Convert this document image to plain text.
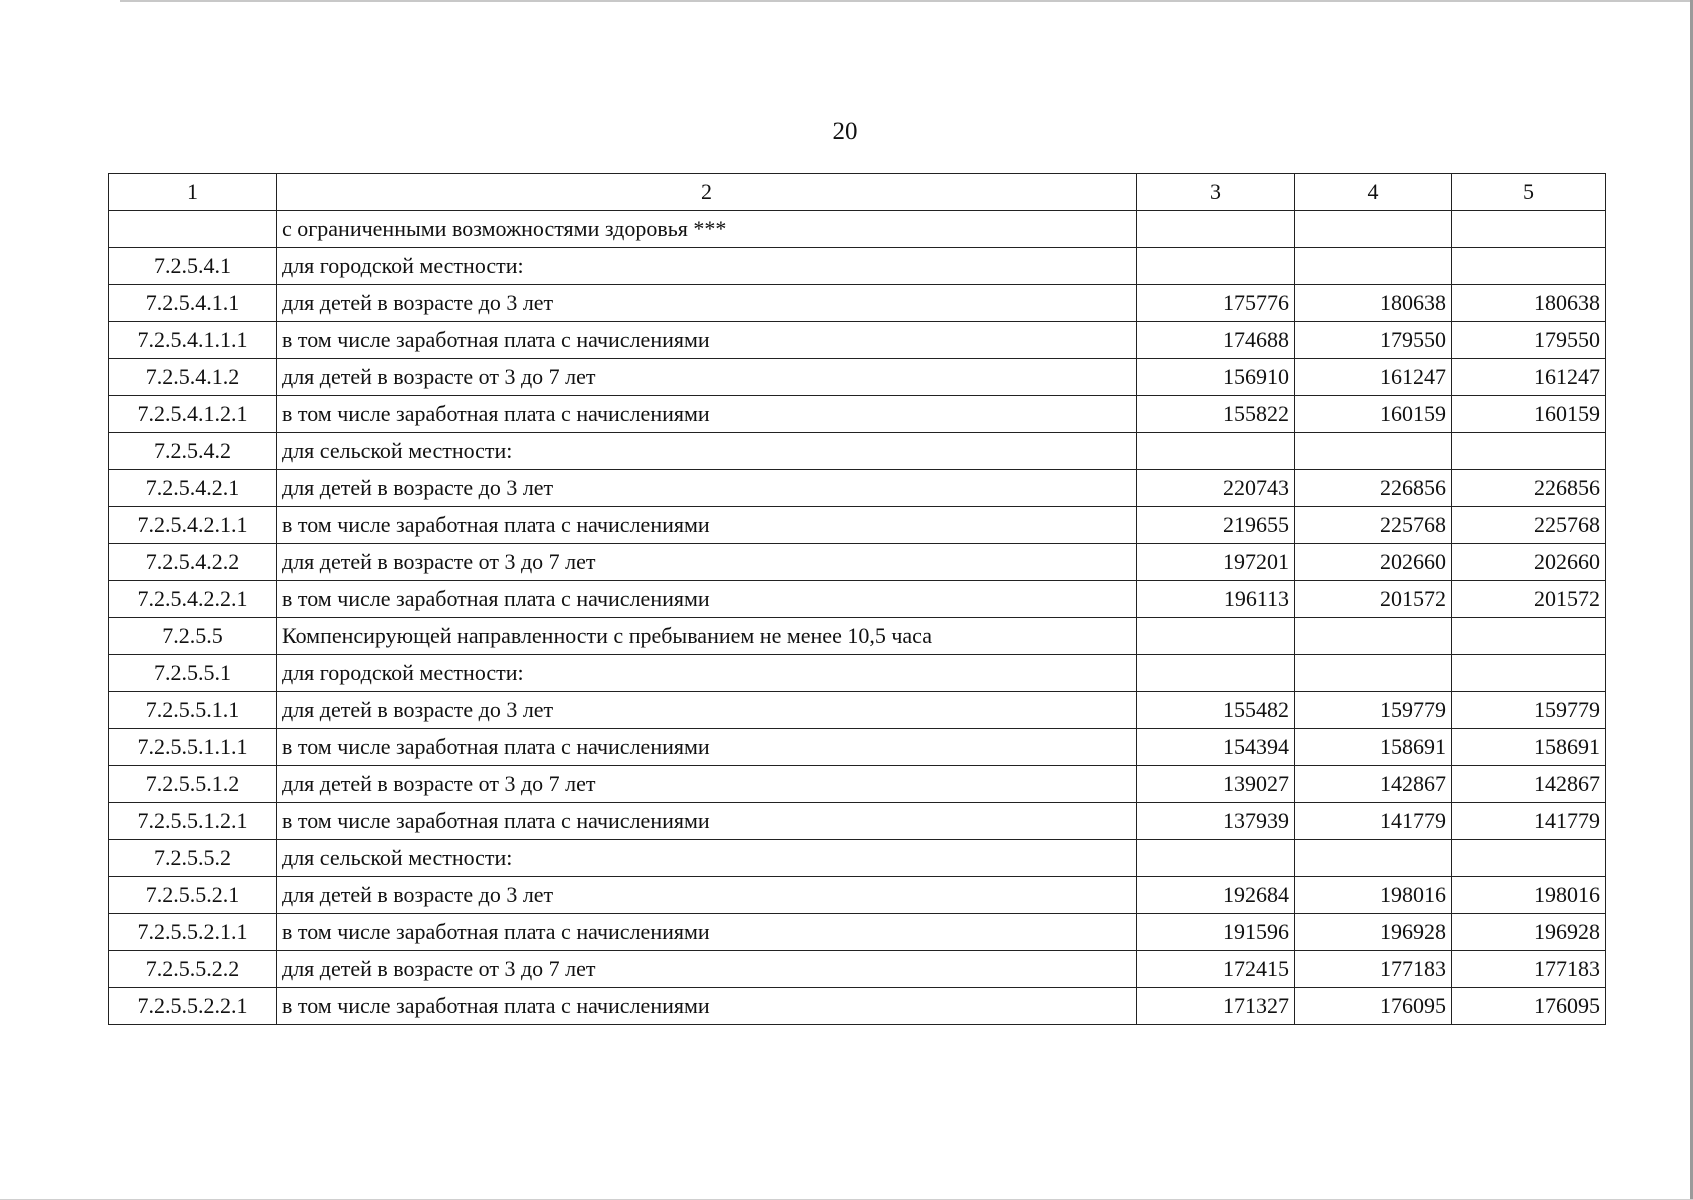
20
1	2	3	4	5
	с ограниченными возможностями здоровья ***			
7.2.5.4.1	для городской местности:			
7.2.5.4.1.1	для детей в возрасте до 3 лет	175776	180638	180638
7.2.5.4.1.1.1	в том числе заработная плата с начислениями	174688	179550	179550
7.2.5.4.1.2	для детей в возрасте от 3 до 7 лет	156910	161247	161247
7.2.5.4.1.2.1	в том числе заработная плата с начислениями	155822	160159	160159
7.2.5.4.2	для сельской местности:			
7.2.5.4.2.1	для детей в возрасте до 3 лет	220743	226856	226856
7.2.5.4.2.1.1	в том числе заработная плата с начислениями	219655	225768	225768
7.2.5.4.2.2	для детей в возрасте от 3 до 7 лет	197201	202660	202660
7.2.5.4.2.2.1	в том числе заработная плата с начислениями	196113	201572	201572
7.2.5.5	Компенсирующей направленности с пребыванием не менее 10,5 часа			
7.2.5.5.1	для городской местности:			
7.2.5.5.1.1	для детей в возрасте до 3 лет	155482	159779	159779
7.2.5.5.1.1.1	в том числе заработная плата с начислениями	154394	158691	158691
7.2.5.5.1.2	для детей в возрасте от 3 до 7 лет	139027	142867	142867
7.2.5.5.1.2.1	в том числе заработная плата с начислениями	137939	141779	141779
7.2.5.5.2	для сельской местности:			
7.2.5.5.2.1	для детей в возрасте до 3 лет	192684	198016	198016
7.2.5.5.2.1.1	в том числе заработная плата с начислениями	191596	196928	196928
7.2.5.5.2.2	для детей в возрасте от 3 до 7 лет	172415	177183	177183
7.2.5.5.2.2.1	в том числе заработная плата с начислениями	171327	176095	176095
